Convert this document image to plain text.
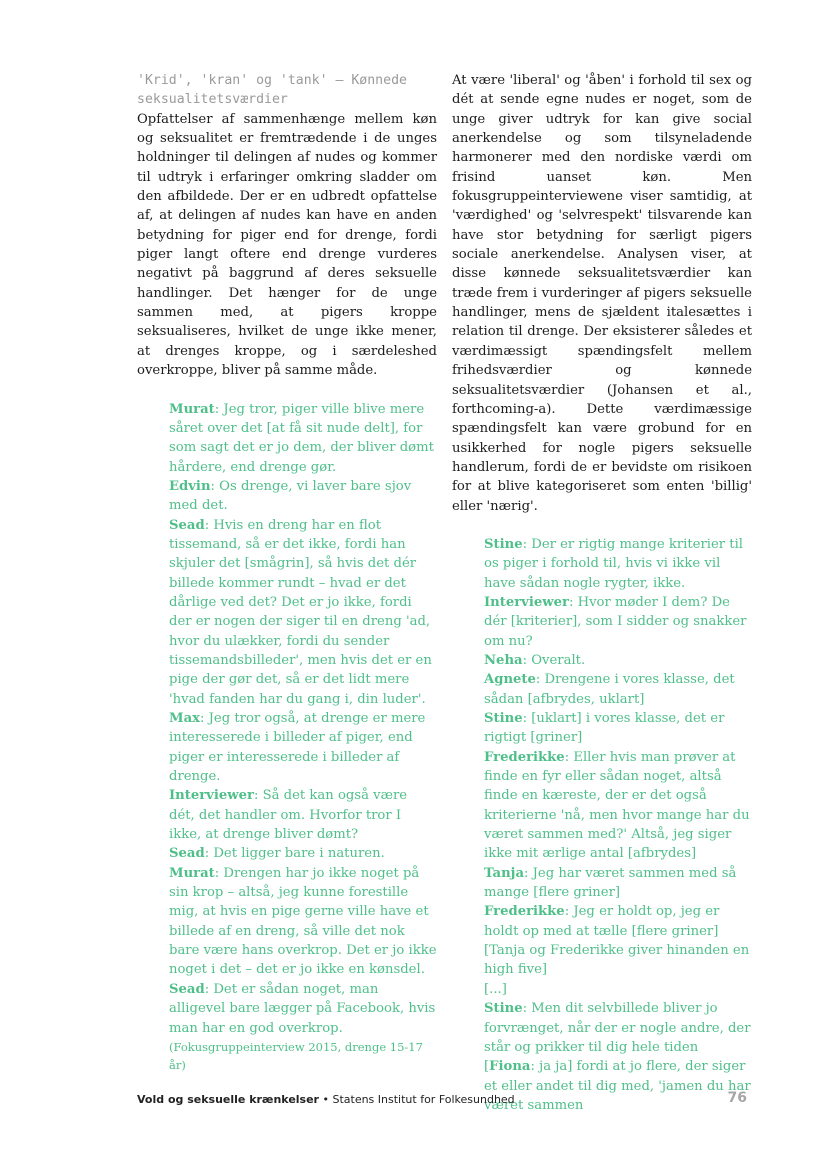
'Krid', 'kran' og 'tank' – Kønnede seksualitetsværdier

Opfattelser af sammenhænge mellem køn og seksualitet er fremtrædende i de unges holdninger til delingen af nudes og kommer til udtryk i erfaringer omkring sladder om den afbildede. Der er en udbredt opfattelse af, at delingen af nudes kan have en anden betydning for piger end for drenge, fordi piger langt oftere end drenge vurderes negativt på baggrund af deres seksuelle handlinger. Det hænger for de unge sammen med, at pigers kroppe seksualiseres, hvilket de unge ikke mener, at drenges kroppe, og i særdeleshed overkroppe, bliver på samme måde.

Murat: Jeg tror, piger ville blive mere såret over det [at få sit nude delt], for som sagt det er jo dem, der bliver dømt hårdere, end drenge gør.
Edvin: Os drenge, vi laver bare sjov med det.
Sead: Hvis en dreng har en flot tissemand, så er det ikke, fordi han skjuler det [smågrin], så hvis det dér billede kommer rundt – hvad er det dårlige ved det? Det er jo ikke, fordi der er nogen der siger til en dreng 'ad, hvor du ulækker, fordi du sender tissemandsbilleder', men hvis det er en pige der gør det, så er det lidt mere 'hvad fanden har du gang i, din luder'.
Max: Jeg tror også, at drenge er mere interesserede i billeder af piger, end piger er interesserede i billeder af drenge.
Interviewer: Så det kan også være dét, det handler om. Hvorfor tror I ikke, at drenge bliver dømt?
Sead: Det ligger bare i naturen.
Murat: Drengen har jo ikke noget på sin krop – altså, jeg kunne forestille mig, at hvis en pige gerne ville have et billede af en dreng, så ville det nok bare være hans overkrop. Det er jo ikke noget i det – det er jo ikke en kønsdel.
Sead: Det er sådan noget, man alligevel bare lægger på Facebook, hvis man har en god overkrop.
(Fokusgruppeinterview 2015, drenge 15-17 år)

At være 'liberal' og 'åben' i forhold til sex og dét at sende egne nudes er noget, som de unge giver udtryk for kan give social anerkendelse og som tilsyneladende harmonerer med den nordiske værdi om frisind uanset køn. Men fokusgruppeinterviewene viser samtidig, at 'værdighed' og 'selvrespekt' tilsvarende kan have stor betydning for særligt pigers sociale anerkendelse. Analysen viser, at disse kønnede seksualitetsværdier kan træde frem i vurderinger af pigers seksuelle handlinger, mens de sjældent italesættes i relation til drenge. Der eksisterer således et værdimæssigt spændingsfelt mellem frihedsværdier og kønnede seksualitetsværdier (Johansen et al., forthcoming-a). Dette værdimæssige spændingsfelt kan være grobund for en usikkerhed for nogle pigers seksuelle handlerum, fordi de er bevidste om risikoen for at blive kategoriseret som enten 'billig' eller 'nærig'.

Stine: Der er rigtig mange kriterier til os piger i forhold til, hvis vi ikke vil have sådan nogle rygter, ikke.
Interviewer: Hvor møder I dem? De dér [kriterier], som I sidder og snakker om nu?
Neha: Overalt.
Agnete: Drengene i vores klasse, det sådan [afbrydes, uklart]
Stine: [uklart] i vores klasse, det er rigtigt [griner]
Frederikke: Eller hvis man prøver at finde en fyr eller sådan noget, altså finde en kæreste, der er det også kriterierne 'nå, men hvor mange har du været sammen med?' Altså, jeg siger ikke mit ærlige antal [afbrydes]
Tanja: Jeg har været sammen med så mange [flere griner]
Frederikke: Jeg er holdt op, jeg er holdt op med at tælle [flere griner]
[Tanja og Frederikke giver hinanden en high five]
[...]
Stine: Men dit selvbillede bliver jo forvrænget, når der er nogle andre, der står og prikker til dig hele tiden [Fiona: ja ja] fordi at jo flere, der siger et eller andet til dig med, 'jamen du har været sammen
Vold og seksuelle krænkelser • Statens Institut for Folkesundhed	76
